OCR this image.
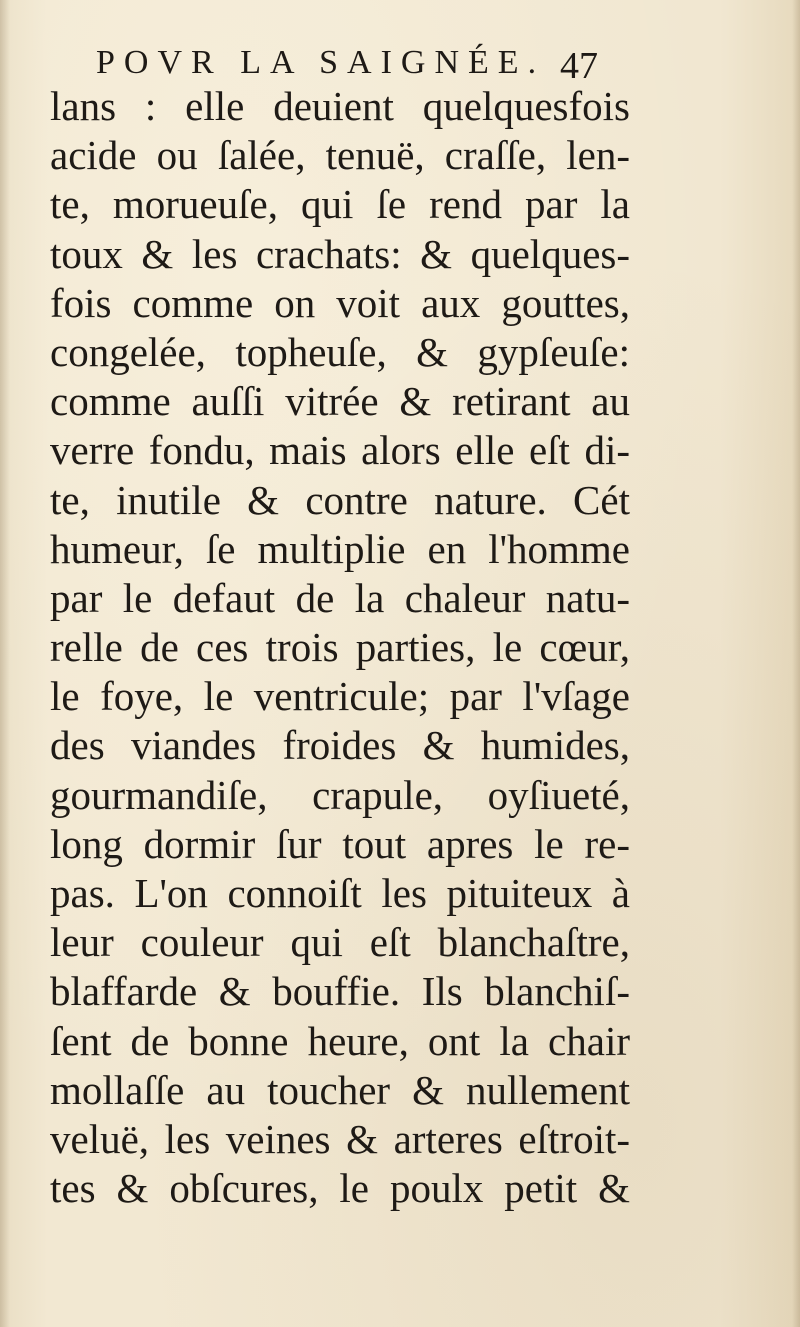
POVR LA SAIGNÉE. 47
lans : elle deuient quelquesfois
acide ou ſalée, tenuë, craſſe, len-
te, morueuſe, qui ſe rend par la
toux & les crachats: & quelques-
fois comme on voit aux gouttes,
congelée, topheuſe, & gypſeuſe:
comme auſſi vitrée & retirant au
verre fondu, mais alors elle eſt di-
te, inutile & contre nature. Cét
humeur, ſe multiplie en l'homme
par le defaut de la chaleur natu-
relle de ces trois parties, le cœur,
le foye, le ventricule; par l'vſage
des viandes froides & humides,
gourmandiſe, crapule, oyſiueté,
long dormir ſur tout apres le re-
pas. L'on connoiſt les pituiteux à
leur couleur qui eſt blanchaſtre,
blaffarde & bouffie. Ils blanchiſ-
ſent de bonne heure, ont la chair
mollaſſe au toucher & nullement
veluë, les veines & arteres eſtroit-
tes & obſcures, le poulx petit &
